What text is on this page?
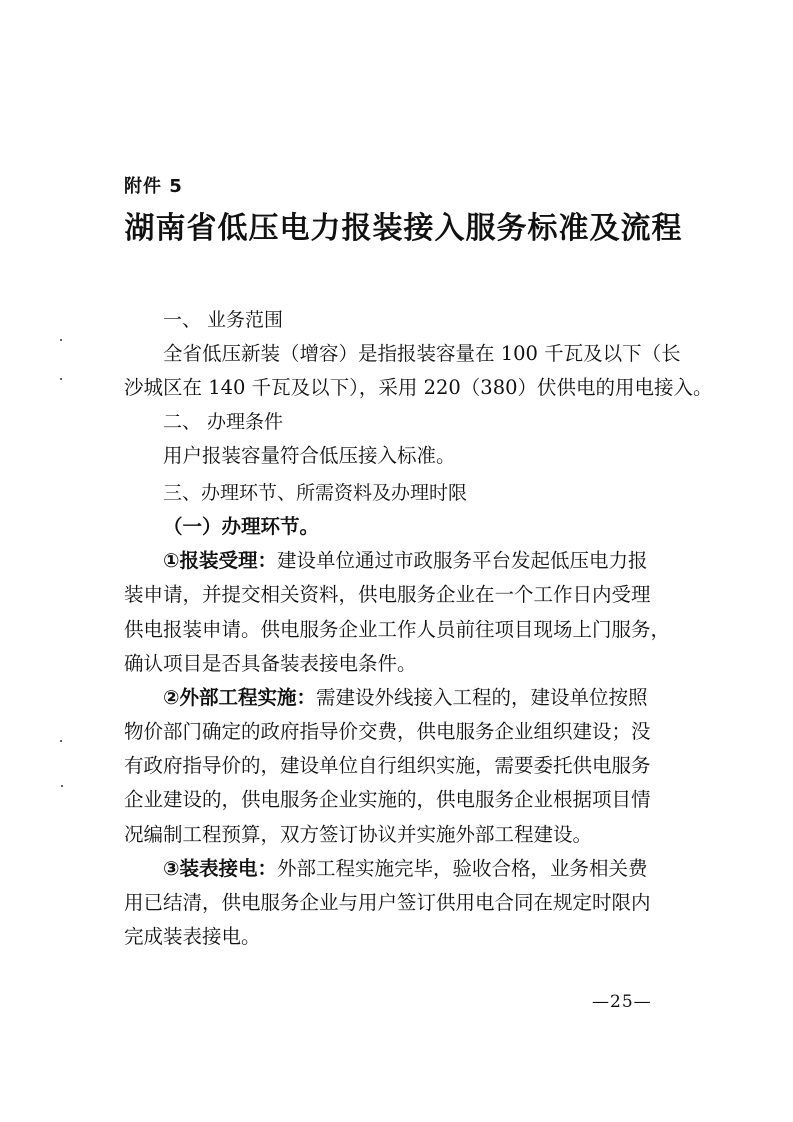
附件 5
湖南省低压电力报装接入服务标准及流程
一、 业务范围
全省低压新装（增容）是指报装容量在 100 千瓦及以下（长
沙城区在 140 千瓦及以下），采用 220（380）伏供电的用电接入。
二、 办理条件
用户报装容量符合低压接入标准。
三、办理环节、所需资料及办理时限
（一）办理环节。
①报装受理：建设单位通过市政服务平台发起低压电力报
装申请，并提交相关资料，供电服务企业在一个工作日内受理
供电报装申请。供电服务企业工作人员前往项目现场上门服务，
确认项目是否具备装表接电条件。
②外部工程实施：需建设外线接入工程的，建设单位按照
物价部门确定的政府指导价交费，供电服务企业组织建设；没
有政府指导价的，建设单位自行组织实施，需要委托供电服务
企业建设的，供电服务企业实施的，供电服务企业根据项目情
况编制工程预算，双方签订协议并实施外部工程建设。
③装表接电：外部工程实施完毕，验收合格，业务相关费
用已结清，供电服务企业与用户签订供用电合同在规定时限内
完成装表接电。
—25—
